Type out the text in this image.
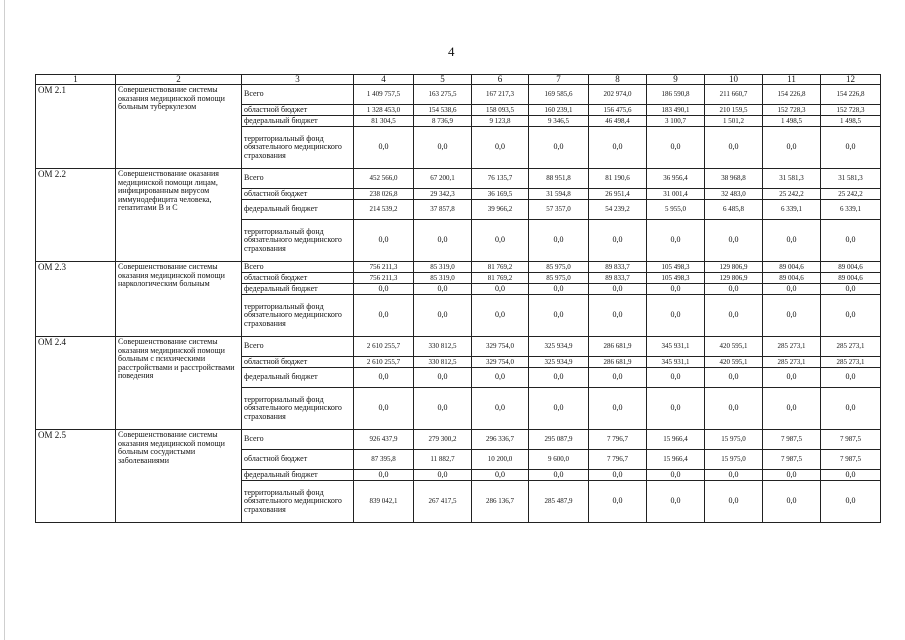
4
1	2	3	4	5	6	7	8	9	10	11	12
ОМ 2.1	Совершенствование системы оказания медицинской помощи больным туберкулезом	Всего	1 409 757,5	163 275,5	167 217,3	169 585,6	202 974,0	186 590,8	211 660,7	154 226,8	154 226,8
		областной бюджет	1 328 453,0	154 538,6	158 093,5	160 239,1	156 475,6	183 490,1	210 159,5	152 728,3	152 728,3
		федеральный бюджет	81 304,5	8 736,9	9 123,8	9 346,5	46 498,4	3 100,7	1 501,2	1 498,5	1 498,5
		территориальный фонд обязательного медицинского страхования	0,0	0,0	0,0	0,0	0,0	0,0	0,0	0,0	0,0
ОМ 2.2	Совершенствование оказания медицинской помощи лицам, инфицированным вирусом иммунодефицита человека, гепатитами В и С	Всего	452 566,0	67 200,1	76 135,7	88 951,8	81 190,6	36 956,4	38 968,8	31 581,3	31 581,3
		областной бюджет	238 026,8	29 342,3	36 169,5	31 594,8	26 951,4	31 001,4	32 483,0	25 242,2	25 242,2
		федеральный бюджет	214 539,2	37 857,8	39 966,2	57 357,0	54 239,2	5 955,0	6 485,8	6 339,1	6 339,1
		территориальный фонд обязательного медицинского страхования	0,0	0,0	0,0	0,0	0,0	0,0	0,0	0,0	0,0
ОМ 2.3	Совершенствование системы оказания медицинской помощи наркологическим больным	Всего	756 211,3	85 319,0	81 769,2	85 975,0	89 833,7	105 498,3	129 806,9	89 004,6	89 004,6
		областной бюджет	756 211,3	85 319,0	81 769,2	85 975,0	89 833,7	105 498,3	129 806,9	89 004,6	89 004,6
		федеральный бюджет	0,0	0,0	0,0	0,0	0,0	0,0	0,0	0,0	0,0
		территориальный фонд обязательного медицинского страхования	0,0	0,0	0,0	0,0	0,0	0,0	0,0	0,0	0,0
ОМ 2.4	Совершенствование системы оказания медицинской помощи больным с психическими расстройствами и расстройствами поведения	Всего	2 610 255,7	330 812,5	329 754,0	325 934,9	286 681,9	345 931,1	420 595,1	285 273,1	285 273,1
		областной бюджет	2 610 255,7	330 812,5	329 754,0	325 934,9	286 681,9	345 931,1	420 595,1	285 273,1	285 273,1
		федеральный бюджет	0,0	0,0	0,0	0,0	0,0	0,0	0,0	0,0	0,0
		территориальный фонд обязательного медицинского страхования	0,0	0,0	0,0	0,0	0,0	0,0	0,0	0,0	0,0
ОМ 2.5	Совершенствование системы оказания медицинской помощи больным сосудистыми заболеваниями	Всего	926 437,9	279 300,2	296 336,7	295 087,9	7 796,7	15 966,4	15 975,0	7 987,5	7 987,5
		областной бюджет	87 395,8	11 882,7	10 200,0	9 600,0	7 796,7	15 966,4	15 975,0	7 987,5	7 987,5
		федеральный бюджет	0,0	0,0	0,0	0,0	0,0	0,0	0,0	0,0	0,0
		территориальный фонд обязательного медицинского страхования	839 042,1	267 417,5	286 136,7	285 487,9	0,0	0,0	0,0	0,0	0,0
